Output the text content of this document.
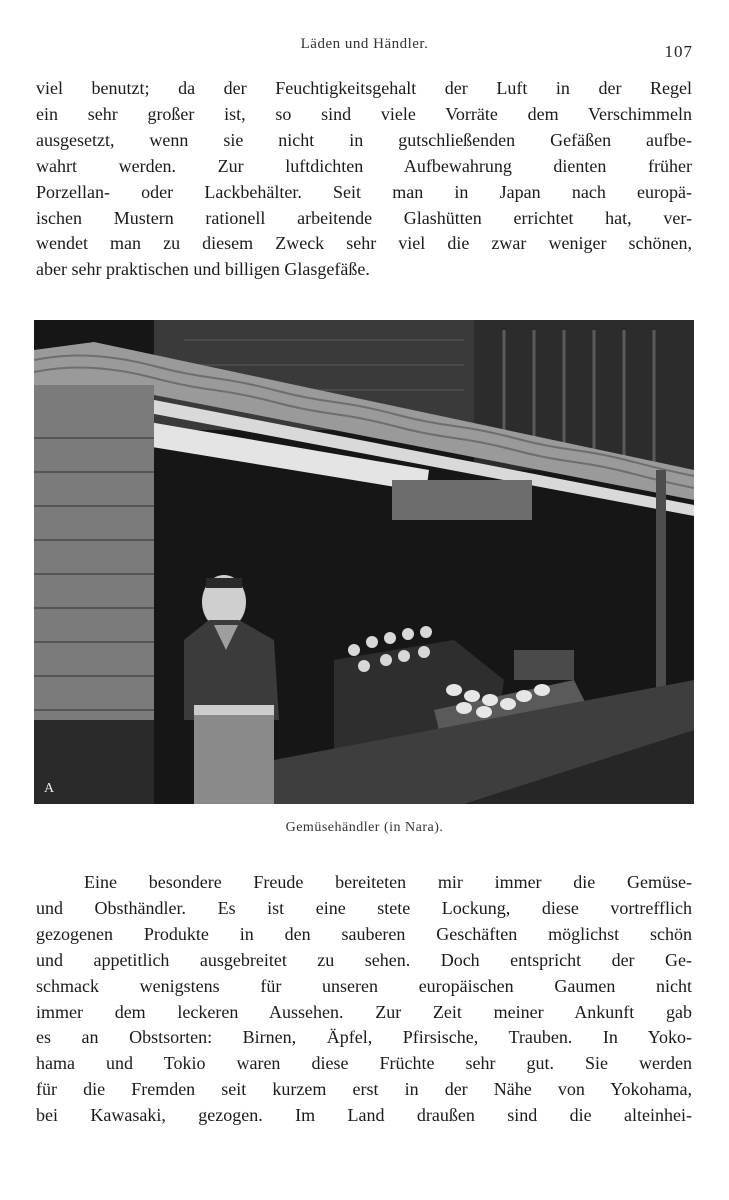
Läden und Händler.	107
viel benutzt; da der Feuchtigkeitsgehalt der Luft in der Regel
ein sehr großer ist, so sind viele Vorräte dem Verschimmeln
ausgesetzt, wenn sie nicht in gutschließenden Gefäßen aufbe-
wahrt werden. Zur luftdichten Aufbewahrung dienten früher
Porzellan- oder Lackbehälter. Seit man in Japan nach europä-
ischen Mustern rationell arbeitende Glashütten errichtet hat, ver-
wendet man zu diesem Zweck sehr viel die zwar weniger schönen,
aber sehr praktischen und billigen Glasgefäße.
A
Gemüsehändler (in Nara).
Eine besondere Freude bereiteten mir immer die Gemüse-
und Obsthändler. Es ist eine stete Lockung, diese vortrefflich
gezogenen Produkte in den sauberen Geschäften möglichst schön
und appetitlich ausgebreitet zu sehen. Doch entspricht der Ge-
schmack wenigstens für unseren europäischen Gaumen nicht
immer dem leckeren Aussehen. Zur Zeit meiner Ankunft gab
es an Obstsorten: Birnen, Äpfel, Pfirsische, Trauben. In Yoko-
hama und Tokio waren diese Früchte sehr gut. Sie werden
für die Fremden seit kurzem erst in der Nähe von Yokohama,
bei Kawasaki, gezogen. Im Land draußen sind die alteinhei-
